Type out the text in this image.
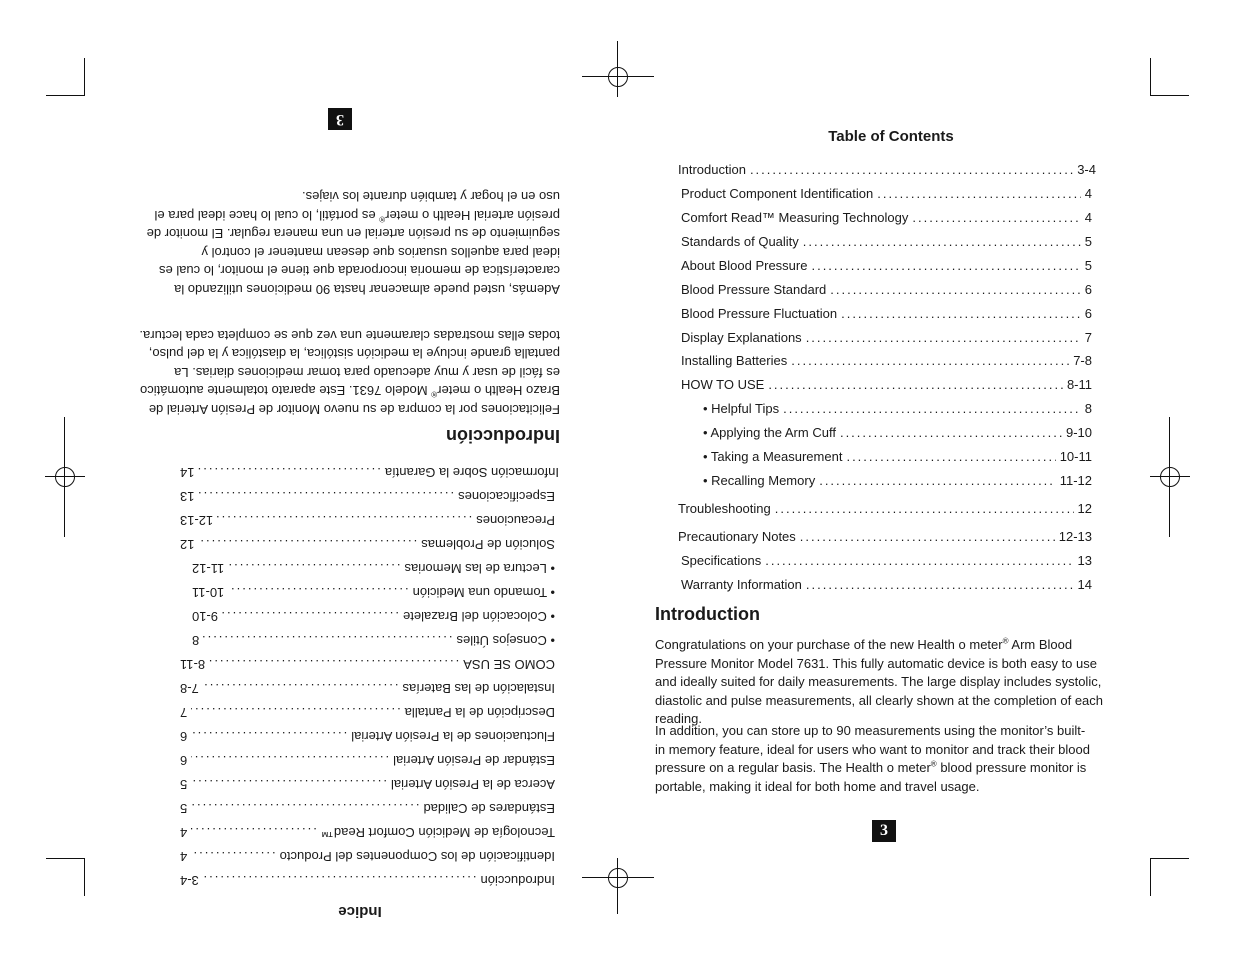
Table of Contents
Introduction .....	3-4
Product Component Identification .....	4
Comfort Read™ Measuring Technology .....	4
Standards of Quality .....	5
About Blood Pressure .....	5
Blood Pressure Standard .....	6
Blood Pressure Fluctuation .....	6
Display Explanations .....	7
Installing Batteries .....	7-8
HOW TO USE .....	8-11
• Helpful Tips .....	8
• Applying the Arm Cuff .....	9-10
• Taking a Measurement .....	10-11
• Recalling Memory .....	11-12
Troubleshooting .....	12
Precautionary Notes .....	12-13
Specifications .....	13
Warranty Information .....	14
Introduction
Congratulations on your purchase of the new Health o meter® Arm Blood Pressure Monitor Model 7631. This fully automatic device is both easy to use and ideally suited for daily measurements. The large display includes systolic, diastolic and pulse measurements, all clearly shown at the completion of each reading.
In addition, you can store up to 90 measurements using the monitor’s built-in memory feature, ideal for users who want to monitor and track their blood pressure on a regular basis. The Health o meter® blood pressure monitor is portable, making it ideal for both home and travel usage.
3
3
Además, usted puede almacenar hasta 90 mediciones utilizando la característica de memoria incorporada que tiene el monitor, lo cual es ideal para aquellos usuarios que desean mantener el control y seguimiento de su presión arterial en una manera regular. El monitor de presión arterial Health o meter® es portátil, lo cual lo hace ideal para el uso en el hogar y también durante los viajes.
Felicitaciones por la compra de su nuevo Monitor de Presión Arterial de Brazo Health o meter® Modelo 7631. Este aparato totalmente automático es fácil de usar y muy adecuado para tomar mediciones diarias. La pantalla grande incluye la medición sistólica, la diastólica y la del pulso, todas ellas mostradas claramente una vez que se completa cada lectura.
Indroducción
Información Sobre la Garantía
.....
14
Especificaciones
.....
13
Precauciones
.....
12-13
Solución de Problemas
.....
12
• Lectura de las Memorias
.....
11-12
• Tomando una Medición
.....
10-11
• Colocación del Brazalete
.....
9-10
• Consejos Útiles
.....
8
COMO SE USA
.....
8-11
Instalación de las Baterías
.....
7-8
Descripción de la Pantalla
.....
7
Fluctuaciones de la Presión Arterial
.....
6
Estándar de Presión Arterial
.....
6
Acerca de la Presión Arterial
.....
5
Estándares de Calidad
.....
5
Tecnología de Medición Comfort Read™
.....
4
Identificación de los Componentes del Producto
.....
4
Indroducción
.....
3-4
Indice
